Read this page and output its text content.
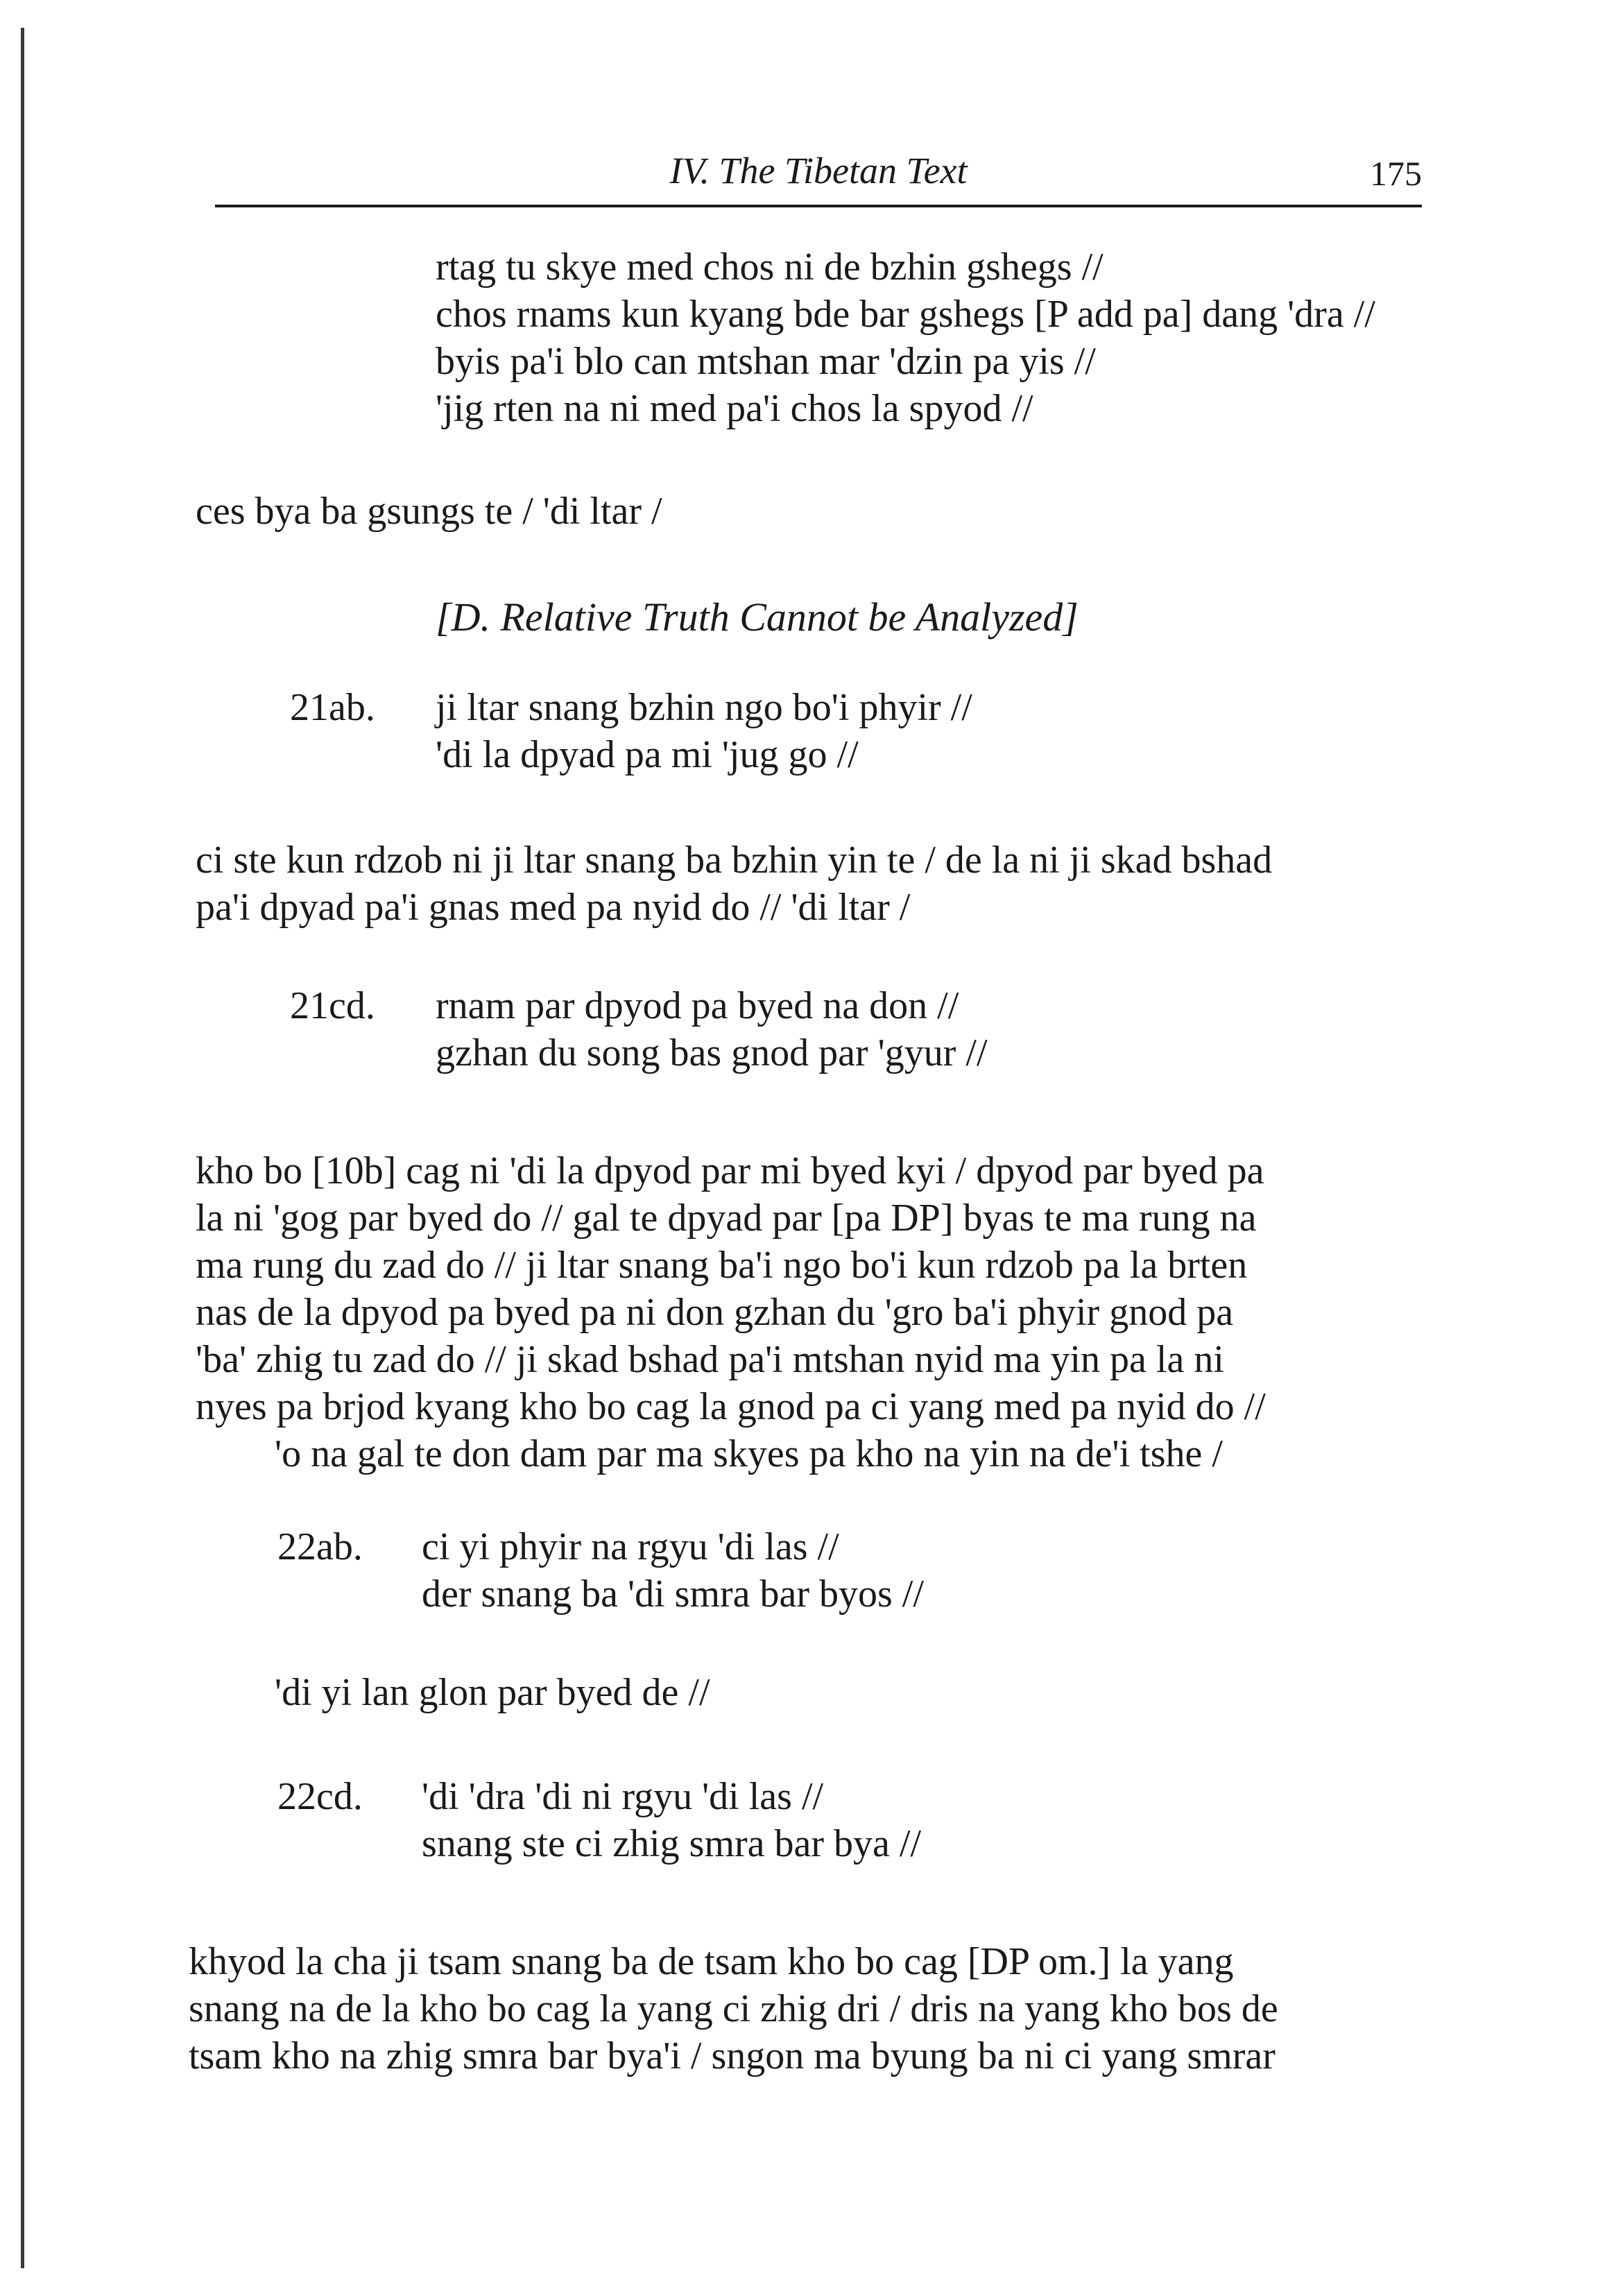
IV. The Tibetan Text	175
rtag tu skye med chos ni de bzhin gshegs //
chos rnams kun kyang bde bar gshegs [P add pa] dang 'dra //
byis pa'i blo can mtshan mar 'dzin pa yis //
'jig rten na ni med pa'i chos la spyod //
ces bya ba gsungs te / 'di ltar /
[D. Relative Truth Cannot be Analyzed]
21ab. ji ltar snang bzhin ngo bo'i phyir //
'di la dpyad pa mi 'jug go //
ci ste kun rdzob ni ji ltar snang ba bzhin yin te / de la ni ji skad bshad
pa'i dpyad pa'i gnas med pa nyid do // 'di ltar /
21cd. rnam par dpyod pa byed na don //
gzhan du song bas gnod par 'gyur //
kho bo [10b] cag ni 'di la dpyod par mi byed kyi / dpyod par byed pa
la ni 'gog par byed do // gal te dpyad par [pa DP] byas te ma rung na
ma rung du zad do // ji ltar snang ba'i ngo bo'i kun rdzob pa la brten
nas de la dpyod pa byed pa ni don gzhan du 'gro ba'i phyir gnod pa
'ba' zhig tu zad do // ji skad bshad pa'i mtshan nyid ma yin pa la ni
nyes pa brjod kyang kho bo cag la gnod pa ci yang med pa nyid do //
'o na gal te don dam par ma skyes pa kho na yin na de'i tshe /
22ab. ci yi phyir na rgyu 'di las //
der snang ba 'di smra bar byos //
'di yi lan glon par byed de //
22cd. 'di 'dra 'di ni rgyu 'di las //
snang ste ci zhig smra bar bya //
khyod la cha ji tsam snang ba de tsam kho bo cag [DP om.] la yang
snang na de la kho bo cag la yang ci zhig dri / dris na yang kho bos de
tsam kho na zhig smra bar bya'i / sngon ma byung ba ni ci yang smrar
